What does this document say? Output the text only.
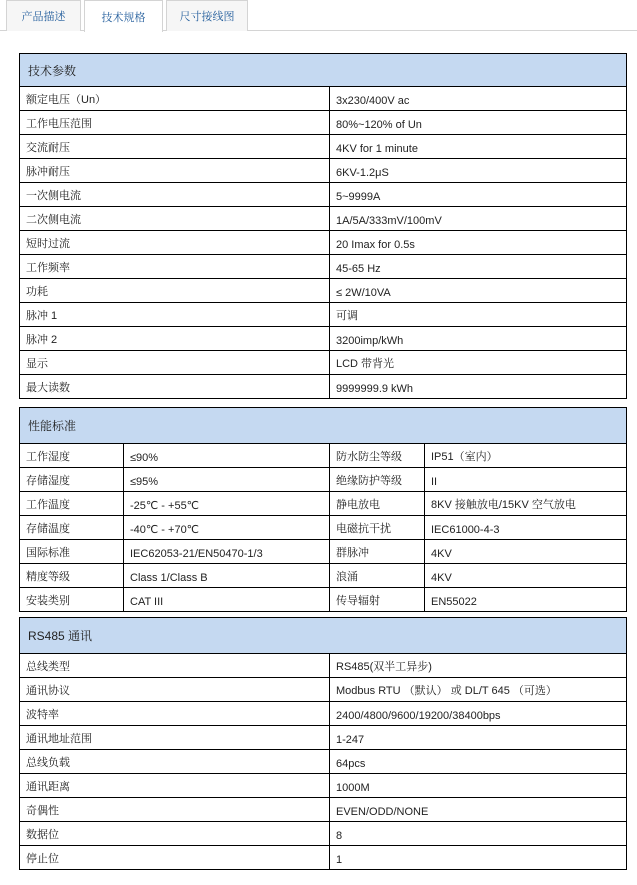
产品描述	技术规格	尺寸接线图
技术参数	
额定电压（Un）	3x230/400V ac
工作电压范围	80%~120% of Un
交流耐压	4KV for 1 minute
脉冲耐压	6KV-1.2μS
一次侧电流	5~9999A
二次侧电流	1A/5A/333mV/100mV
短时过流	20 Imax for 0.5s
工作频率	45-65 Hz
功耗	≤ 2W/10VA
脉冲 1	可调
脉冲 2	3200imp/kWh
显示	LCD 带背光
最大读数	9999999.9 kWh
性能标准			
工作湿度	≤90%	防水防尘等级	IP51（室内）
存储湿度	≤95%	绝缘防护等级	II
工作温度	-25℃ - +55℃	静电放电	8KV 接触放电/15KV 空气放电
存储温度	-40℃ - +70℃	电磁抗干扰	IEC61000-4-3
国际标准	IEC62053-21/EN50470-1/3	群脉冲	4KV
精度等级	Class 1/Class B	浪涌	4KV
安装类别	CAT III	传导辐射	EN55022
RS485 通讯	
总线类型	RS485(双半工异步)
通讯协议	Modbus RTU （默认） 或 DL/T 645 （可选）
波特率	2400/4800/9600/19200/38400bps
通讯地址范围	1-247
总线负载	64pcs
通讯距离	1000M
奇偶性	EVEN/ODD/NONE
数据位	8
停止位	1
